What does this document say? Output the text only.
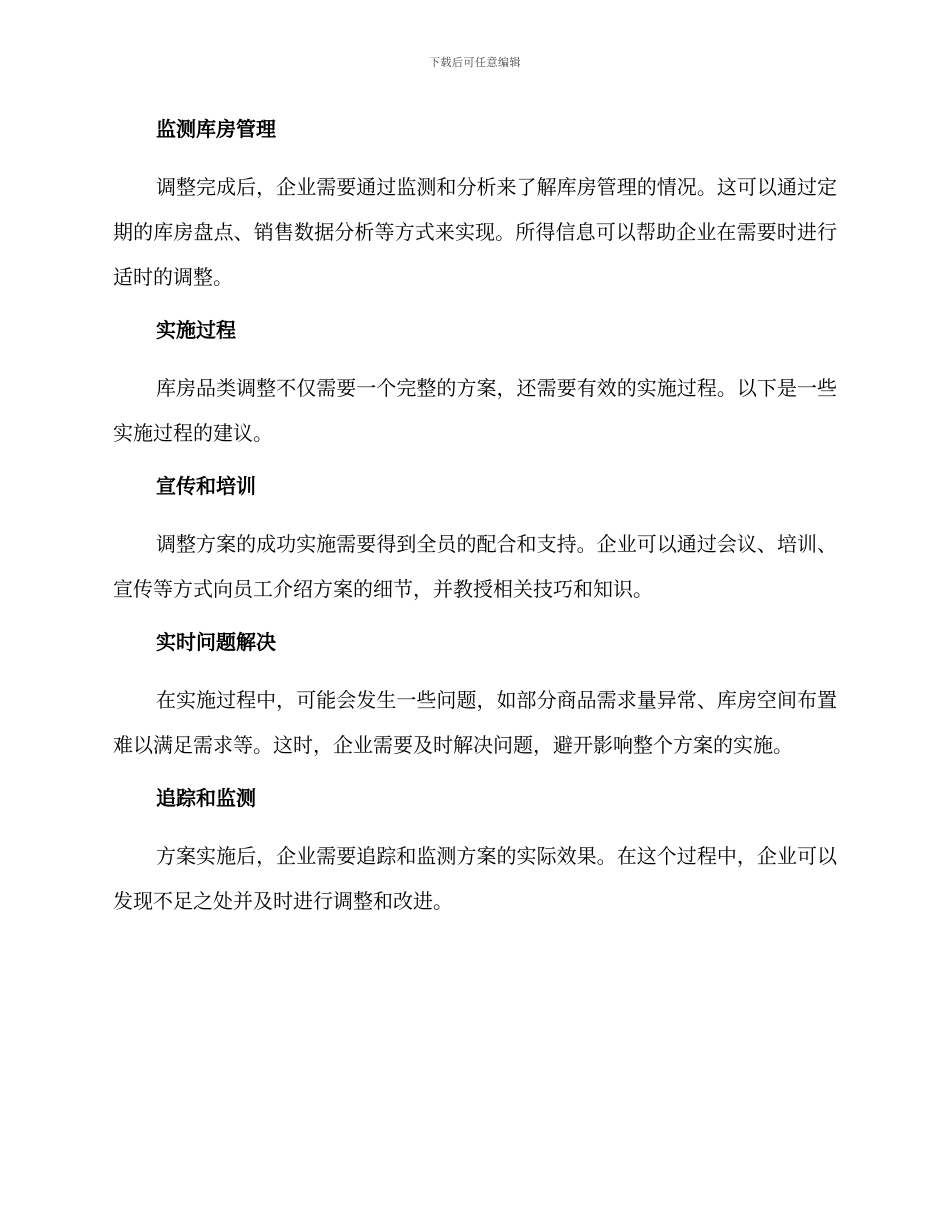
下载后可任意编辑
监测库房管理

调整完成后，企业需要通过监测和分析来了解库房管理的情况。这可以通过定期的库房盘点、销售数据分析等方式来实现。所得信息可以帮助企业在需要时进行适时的调整。

实施过程

库房品类调整不仅需要一个完整的方案，还需要有效的实施过程。以下是一些实施过程的建议。

宣传和培训

调整方案的成功实施需要得到全员的配合和支持。企业可以通过会议、培训、宣传等方式向员工介绍方案的细节，并教授相关技巧和知识。

实时问题解决

在实施过程中，可能会发生一些问题，如部分商品需求量异常、库房空间布置难以满足需求等。这时，企业需要及时解决问题，避开影响整个方案的实施。

追踪和监测

方案实施后，企业需要追踪和监测方案的实际效果。在这个过程中，企业可以发现不足之处并及时进行调整和改进。
